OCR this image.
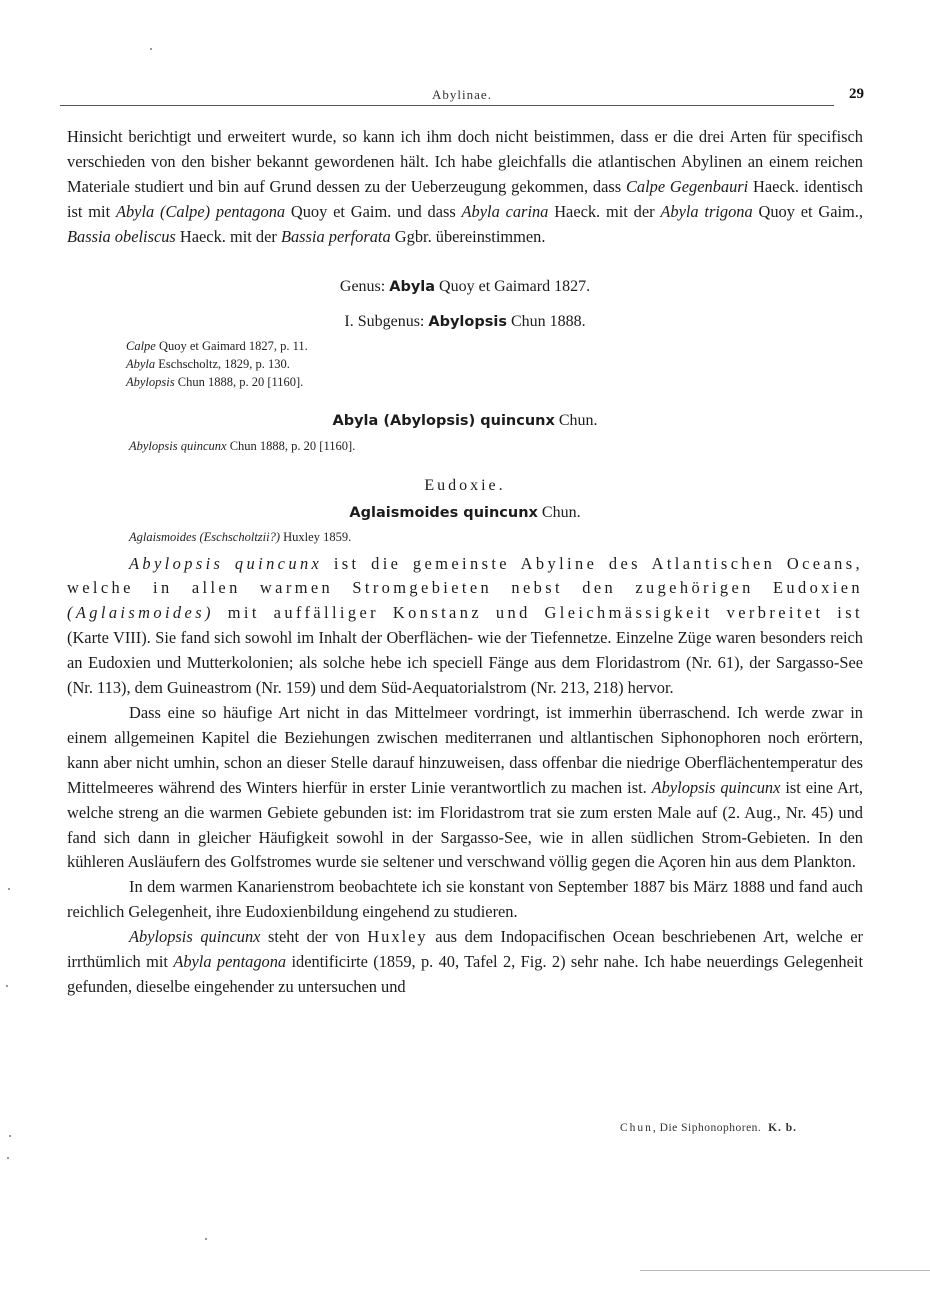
Abylinae.	29

Hinsicht berichtigt und erweitert wurde, so kann ich ihm doch nicht beistimmen, dass er die drei Arten für specifisch verschieden von den bisher bekannt gewordenen hält. Ich habe gleichfalls die atlantischen Abylinen an einem reichen Materiale studiert und bin auf Grund dessen zu der Ueberzeugung gekommen, dass Calpe Gegenbauri Haeck. identisch ist mit Abyla (Calpe) pentagona Quoy et Gaim. und dass Abyla carina Haeck. mit der Abyla trigona Quoy et Gaim., Bassia obeliscus Haeck. mit der Bassia perforata Ggbr. übereinstimmen.

Genus: Abyla Quoy et Gaimard 1827.

I. Subgenus: Abylopsis Chun 1888.

Calpe Quoy et Gaimard 1827, p. 11.

Abyla Eschscholtz, 1829, p. 130.

Abylopsis Chun 1888, p. 20 [1160].

Abyla (Abylopsis) quincunx Chun.

Abylopsis quincunx Chun 1888, p. 20 [1160].

Eudoxie.

Aglaismoides quincunx Chun.

Aglaismoides (Eschscholtzii?) Huxley 1859.

Abylopsis quincunx ist die gemeinste Abyline des Atlantischen Oceans, welche in allen warmen Stromgebieten nebst den zugehörigen Eudoxien (Aglaismoides) mit auffälliger Konstanz und Gleichmässigkeit verbreitet ist (Karte VIII). Sie fand sich sowohl im Inhalt der Oberflächen- wie der Tiefennetze. Einzelne Züge waren besonders reich an Eudoxien und Mutterkolonien; als solche hebe ich speciell Fänge aus dem Floridastrom (Nr. 61), der Sargasso-See (Nr. 113), dem Guineastrom (Nr. 159) und dem Süd-Aequatorialstrom (Nr. 213, 218) hervor.

Dass eine so häufige Art nicht in das Mittelmeer vordringt, ist immerhin überraschend. Ich werde zwar in einem allgemeinen Kapitel die Beziehungen zwischen mediterranen und altlantischen Siphonophoren noch erörtern, kann aber nicht umhin, schon an dieser Stelle darauf hinzuweisen, dass offenbar die niedrige Oberflächentemperatur des Mittelmeeres während des Winters hierfür in erster Linie verantwortlich zu machen ist. Abylopsis quincunx ist eine Art, welche streng an die warmen Gebiete gebunden ist: im Floridastrom trat sie zum ersten Male auf (2. Aug., Nr. 45) und fand sich dann in gleicher Häufigkeit sowohl in der Sargasso-See, wie in allen südlichen Strom-Gebieten. In den kühleren Ausläufern des Golfstromes wurde sie seltener und verschwand völlig gegen die Açoren hin aus dem Plankton.

In dem warmen Kanarienstrom beobachtete ich sie konstant von September 1887 bis März 1888 und fand auch reichlich Gelegenheit, ihre Eudoxienbildung eingehend zu studieren.

Abylopsis quincunx steht der von Huxley aus dem Indopacifischen Ocean beschriebenen Art, welche er irrthümlich mit Abyla pentagona identificirte (1859, p. 40, Tafel 2, Fig. 2) sehr nahe. Ich habe neuerdings Gelegenheit gefunden, dieselbe eingehender zu untersuchen und

Chun, Die Siphonophoren. K. b.
